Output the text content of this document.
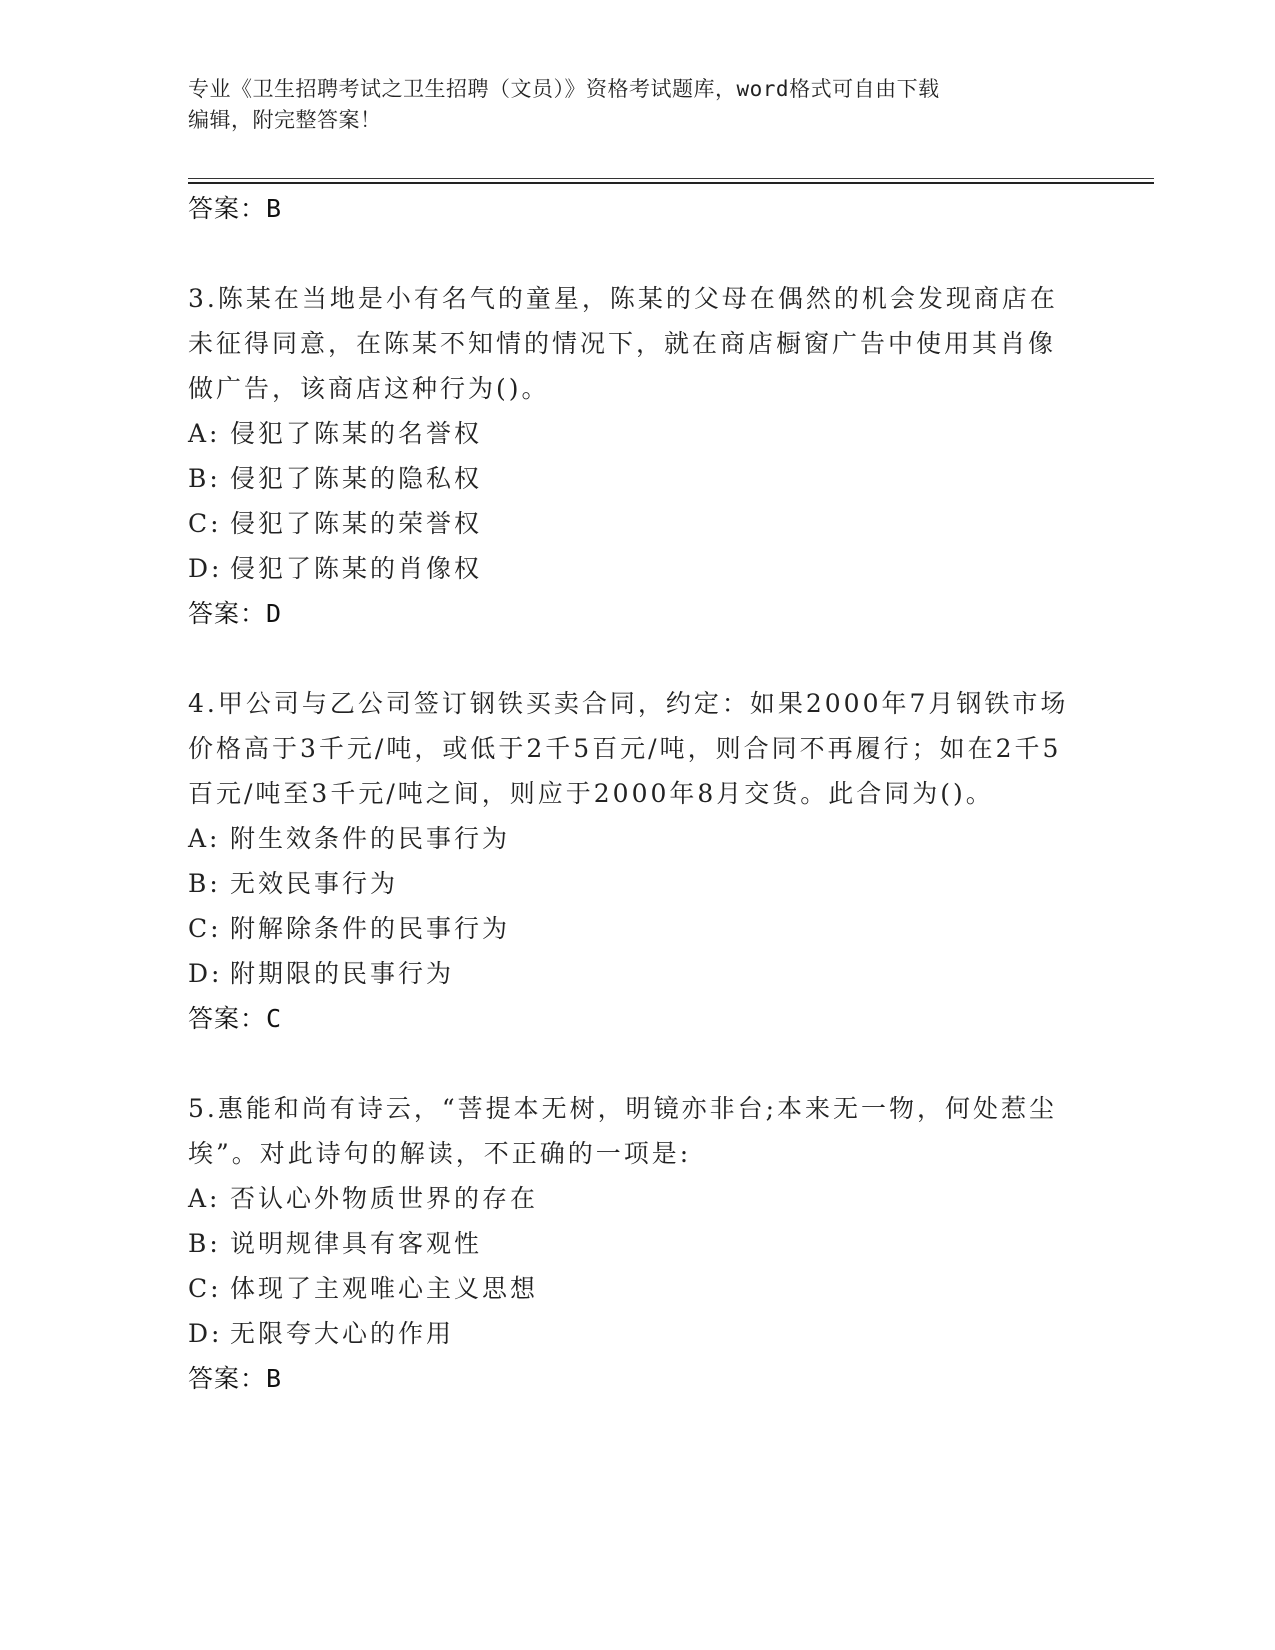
专业《卫生招聘考试之卫生招聘（文员）》资格考试题库，word格式可自由下载
编辑，附完整答案！
答案：B
3.陈某在当地是小有名气的童星，陈某的父母在偶然的机会发现商店在未征得同意，在陈某不知情的情况下，就在商店橱窗广告中使用其肖像做广告，该商店这种行为()。
A: 侵犯了陈某的名誉权
B: 侵犯了陈某的隐私权
C: 侵犯了陈某的荣誉权
D: 侵犯了陈某的肖像权
答案：D
4.甲公司与乙公司签订钢铁买卖合同，约定：如果2000年7月钢铁市场价格高于3千元/吨，或低于2千5百元/吨，则合同不再履行；如在2千5百元/吨至3千元/吨之间，则应于2000年8月交货。此合同为()。
A: 附生效条件的民事行为
B: 无效民事行为
C: 附解除条件的民事行为
D: 附期限的民事行为
答案：C
5.惠能和尚有诗云，“菩提本无树，明镜亦非台;本来无一物，何处惹尘埃”。对此诗句的解读，不正确的一项是:
A: 否认心外物质世界的存在
B: 说明规律具有客观性
C: 体现了主观唯心主义思想
D: 无限夸大心的作用
答案：B
